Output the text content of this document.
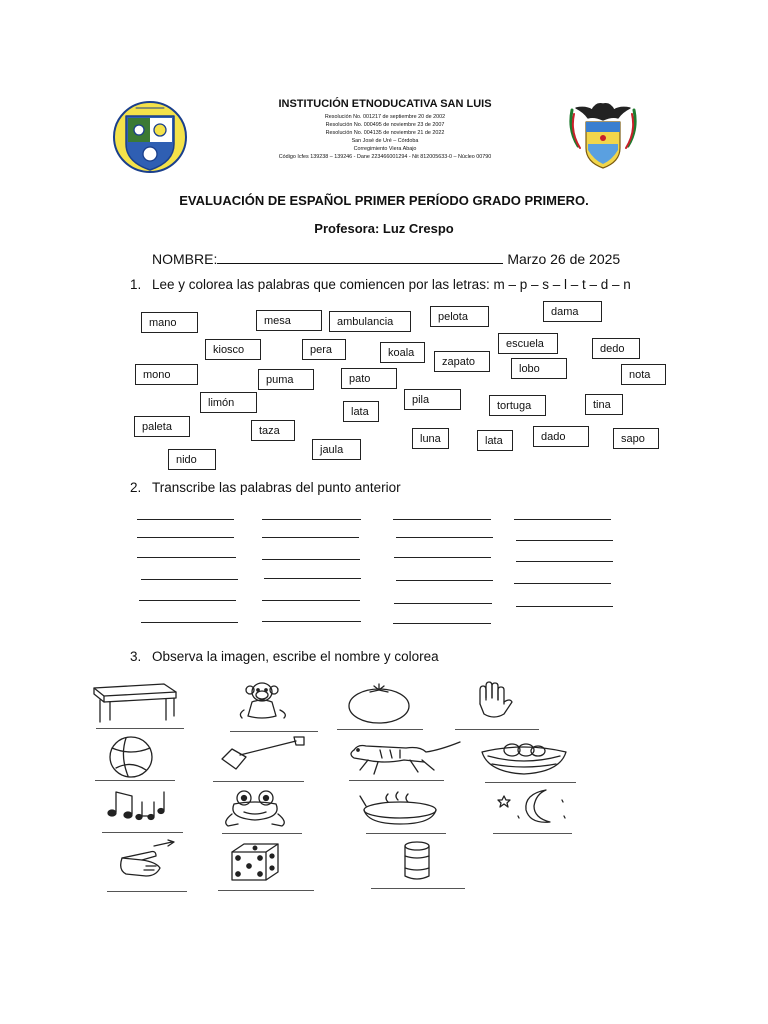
INSTITUCIÓN ETNODUCATIVA SAN LUIS
Resolución No. 001217 de septiembre 20 de 2002
Resolución No. 000495 de noviembre 23 de 2007
Resolución No. 004135 de noviembre 21 de 2022
San José de Uré – Córdoba
Corregimiento Viera Abajo
Código Icfes 139238 – 139246 - Dane 223466001294 - Nit 812005633-0 – Núcleo 00790
EVALUACIÓN DE ESPAÑOL PRIMER PERÍODO GRADO PRIMERO.
Profesora: Luz Crespo
NOMBRE:	Marzo 26 de 2025
1. Lee y colorea las palabras que comiencen por las letras: m – p – s – l – t – d – n
mano	mesa	ambulancia	pelota	dama
kiosco	pera	koala
escuela	dedo
zapato
lobo
mono	puma	pato	nota
limón	pila
lata	tortuga	tina
paleta	taza
luna	lata	dado	sapo
jaula
nido
2. Transcribe las palabras del punto anterior
3. Observa la imagen, escribe el nombre y colorea
